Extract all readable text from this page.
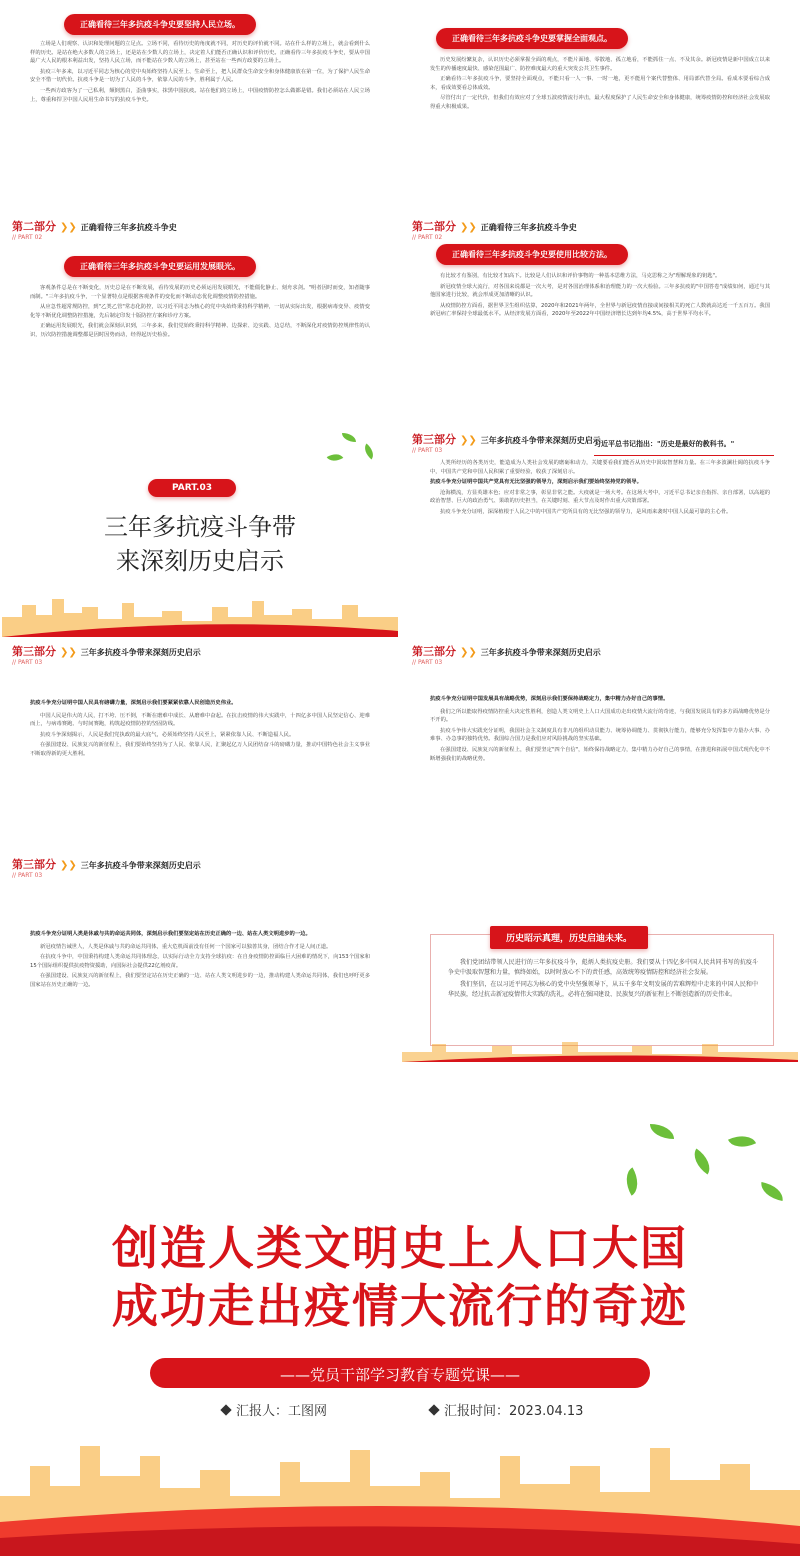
正确看待三年多抗疫斗争史要坚持人民立场。

立场是人们观察、认识和处理问题的立足点。立场不同，看待历史的角度就不同，对历史的评价就不同。站在什么样的立场上，就会看到什么样的历史。是站在绝大多数人的立场上，还是站在少数人的立场上，决定着人们能否正确认识和评价历史。正确看待三年多抗疫斗争史，要从中国最广大人民的根本利益出发，坚持人民立场，而不能站在少数人的立场上，甚至站在一些西方政要的立场上。

抗疫三年多来，以习近平同志为核心的党中央始终坚持人民至上、生命至上，把人民群众生命安全和身体健康放在第一位，为了保护人民生命安全不惜一切代价。抗疫斗争是一切为了人民的斗争，依靠人民的斗争，胜利属于人民。

一些西方政客为了一己私利，颠倒黑白，歪曲事实，抹黑中国抗疫。站在他们的立场上，中国疫情防控怎么做都是错。我们必须站在人民立场上，尊重和捍卫中国人民用生命书写的抗疫斗争史。

正确看待三年多抗疫斗争史要掌握全面观点。

历史发展纷繁复杂，认识历史必须掌握全面的观点，不能片面地、零散地、孤立地看，不能抓住一点、不及其余。新冠疫情是新中国成立以来发生的传播速度最快、感染范围最广、防控难度最大的重大突发公共卫生事件。

正确看待三年多抗疫斗争，要坚持全面观点，不能只看一人一事、一时一地，更不能用个案代替整体、用局部代替全局。看成本要看综合成本，看成效要看总体成效。

尽管付出了一定代价，但我们有效应对了全球五波疫情流行冲击，最大程度保护了人民生命安全和身体健康，统筹疫情防控和经济社会发展取得重大积极成果。

第二部分 ❯❯ 正确看待三年多抗疫斗争史
// PART 02
正确看待三年多抗疫斗争史要运用发展眼光。

客观条件总是在不断变化，历史总是在不断发展，看待发展的历史必须运用发展眼光，不能僵化静止、刻舟求剑。"明者因时而变，知者随事而制。"三年多抗疫斗争，一个显著特点是根据客观条件的变化而不断动态优化调整疫情防控措施。

从应急性超常规防控，到"乙类乙管"常态化防控，以习近平同志为核心的党中央始终秉持科学精神，一切从实际出发，根据病毒变异、疫情变化等不断优化调整防控措施，先后制定印发十版防控方案和诊疗方案。

正确运用发展眼光，我们就会深刻认识到，三年多来，我们党始终秉持科学精神、边探索、边实践、边总结，不断深化对疫情防控规律性的认识，历次防控措施调整都是因时因势而动，经得起历史检验。

第二部分 ❯❯ 正确看待三年多抗疫斗争史
// PART 02
正确看待三年多抗疫斗争史要使用比较方法。

有比较才有鉴别，有比较才知高下。比较是人们认识和评价事物的一种基本思维方法，马克思称之为"理解现象的钥匙"。

新冠疫情全球大流行，对各国来说都是一次大考，是对各国治理体系和治理能力的一次大检验。三年多抗疫的"中国答卷"成绩如何，通过与其他国家进行比较，就会形成更加清晰的认识。

从疫情防控方面看，据世界卫生组织估算，2020年和2021年两年，全世界与新冠疫情直接或间接相关的死亡人数就高达近一千五百万。我国新冠病亡率保持全球最低水平。从经济发展方面看，2020年至2022年中国经济增长达到年均4.5%，高于世界平均水平。

PART.03
三年多抗疫斗争带
来深刻历史启示
第三部分 ❯❯ 三年多抗疫斗争带来深刻历史启示
// PART 03
习近平总书记指出："历史是最好的教科书。"

人类所经历的各类历史，能造成为人类社会发展的磨砺和动力，关键要看我们能否从历史中汲取智慧和力量。在三年多波澜壮阔的抗疫斗争中，中国共产党和中国人民积累了重要经验，收获了深刻启示。

抗疫斗争充分证明中国共产党具有无比坚强的领导力，深刻启示我们要始终坚持党的领导。

沧海横流，方显英雄本色；应对非常之事，彰显非常之能。大疫就是一场大考。在这场大考中，习近平总书记亲自指挥、亲自部署，以高超的政治智慧、巨大的政治勇气、果敢的历史担当，在关键时刻、重大节点及时作出重大决策部署。

抗疫斗争充分证明，深深植根于人民之中的中国共产党所具有的无比坚强的领导力，是风雨来袭时中国人民最可靠的主心骨。

第三部分 ❯❯ 三年多抗疫斗争带来深刻历史启示
// PART 03

抗疫斗争充分证明中国人民具有磅礴力量，深刻启示我们要紧紧依靠人民创造历史伟业。

中国人民是伟大的人民，打不垮、压不倒，不断在磨难中成长、从磨难中奋起。在抗击疫情的伟大实践中，十四亿多中国人民坚定信心、迎难而上，与病毒赛跑、与时间赛跑，构筑起疫情防控的坚固防线。

抗疫斗争深刻揭示，人民是我们党执政的最大底气，必须始终坚持人民至上，紧紧依靠人民、不断造福人民。

在强国建设、民族复兴的新征程上，我们要始终坚持为了人民、依靠人民，汇聚起亿万人民团结奋斗的磅礴力量，推动中国特色社会主义事业不断取得新的更大胜利。

第三部分 ❯❯ 三年多抗疫斗争带来深刻历史启示
// PART 03

抗疫斗争充分证明中国发展具有战略优势，深刻启示我们要保持战略定力，集中精力办好自己的事情。

我们之所以能取得疫情防控重大决定性胜利，创造人类文明史上人口大国成功走出疫情大流行的奇迹，与我国发展具有的多方面战略优势是分不开的。

抗疫斗争伟大实践充分证明，我国社会主义制度具有非凡的组织动员能力、统筹协调能力、贯彻执行能力，能够充分发挥集中力量办大事、办难事、办急事的独特优势。我国综合国力是我们应对风险挑战的坚实基础。

在强国建设、民族复兴的新征程上，我们要坚定"四个自信"，始终保持战略定力，集中精力办好自己的事情，在推进和拓展中国式现代化中不断增强我们的战略优势。

第三部分 ❯❯ 三年多抗疫斗争带来深刻历史启示
// PART 03

抗疫斗争充分证明人类是休戚与共的命运共同体，深刻启示我们要坚定站在历史正确的一边、站在人类文明进步的一边。

新冠疫情告诫世人，人类是休戚与共的命运共同体，重大危机面前没有任何一个国家可以独善其身，团结合作才是人间正道。

在抗疫斗争中，中国秉持构建人类命运共同体理念，以实际行动全力支持全球抗疫：在自身疫情防控面临巨大困难的情况下，向153个国家和15个国际组织提供抗疫物资援助，向国际社会提供22亿剂疫苗。

在强国建设、民族复兴的新征程上，我们要坚定站在历史正确的一边、站在人类文明进步的一边，推动构建人类命运共同体，我们也呼吁更多国家站在历史正确的一边。

历史昭示真理，历史启迪未来。

我们党团结带领人民进行的三年多抗疫斗争，彪炳人类抗疫史册。我们要从十四亿多中国人民共同书写的抗疫斗争史中汲取智慧和力量，慎终如始，以时时放心不下的责任感，高效统筹疫情防控和经济社会发展。

我们坚信，在以习近平同志为核心的党中央坚强领导下，从五千多年文明发展的苦难辉煌中走来的中国人民和中华民族，经过抗击新冠疫情伟大实践的洗礼，必将在强国建设、民族复兴的新征程上不断创造新的历史伟业。

创造人类文明史上人口大国
成功走出疫情大流行的奇迹
——党员干部学习教育专题党课——
汇报人：工图网	汇报时间：2023.04.13
